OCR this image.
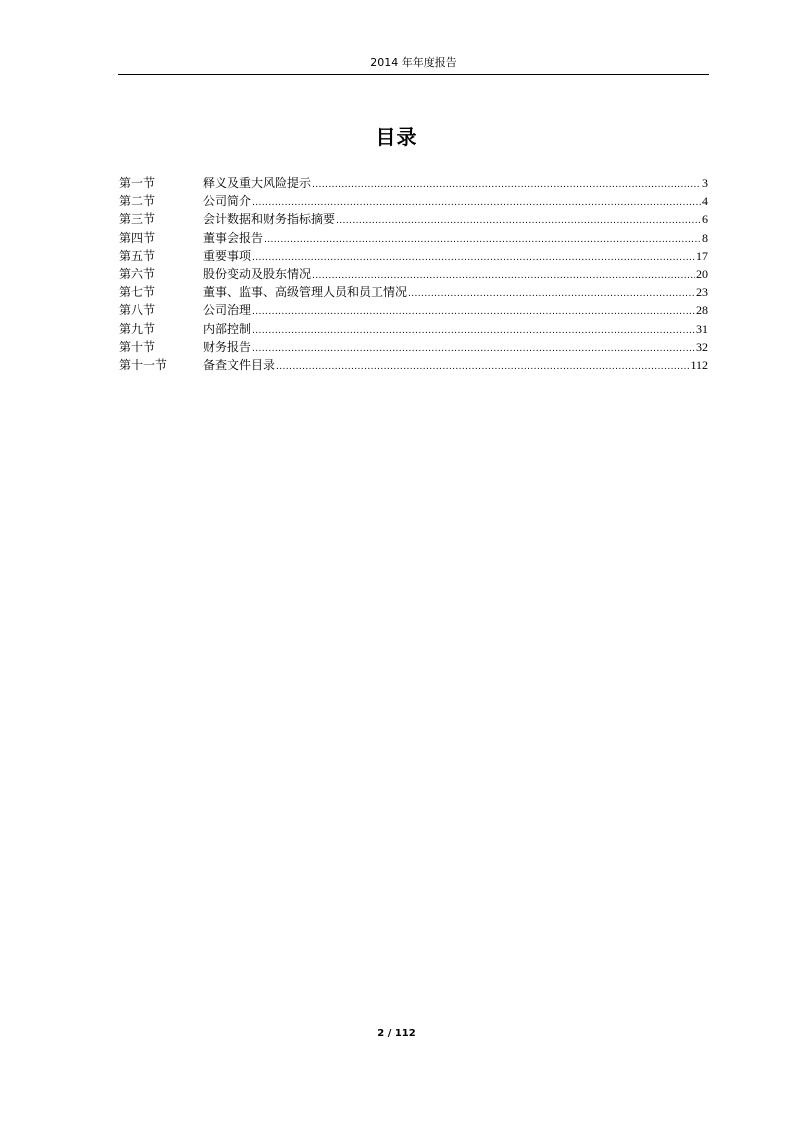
2014 年年度报告
目录
第一节	释义及重大风险提示 .....	3
第二节	公司简介 .....	4
第三节	会计数据和财务指标摘要 .....	6
第四节	董事会报告 .....	8
第五节	重要事项 .....	17
第六节	股份变动及股东情况 .....	20
第七节	董事、监事、高级管理人员和员工情况 .....	23
第八节	公司治理 .....	28
第九节	内部控制 .....	31
第十节	财务报告 .....	32
第十一节	备查文件目录 .....	112
2 / 112
